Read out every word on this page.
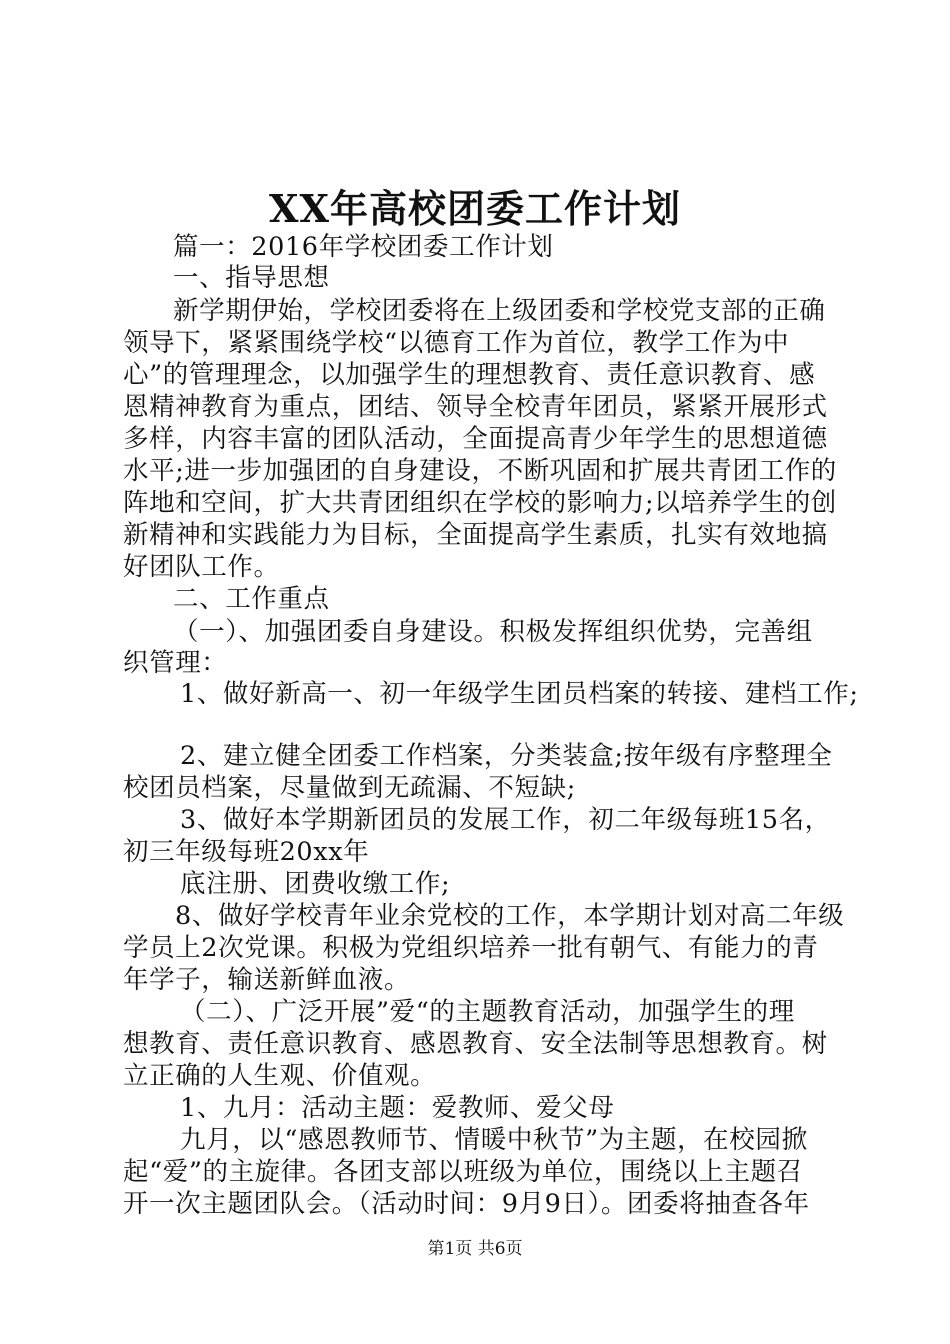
XX年高校团委工作计划
篇一：2016年学校团委工作计划
一、指导思想
新学期伊始，学校团委将在上级团委和学校党支部的正确
领导下，紧紧围绕学校“以德育工作为首位，教学工作为中
心”的管理理念，以加强学生的理想教育、责任意识教育、感
恩精神教育为重点，团结、领导全校青年团员，紧紧开展形式
多样，内容丰富的团队活动，全面提高青少年学生的思想道德
水平;进一步加强团的自身建设，不断巩固和扩展共青团工作的
阵地和空间，扩大共青团组织在学校的影响力;以培养学生的创
新精神和实践能力为目标，全面提高学生素质，扎实有效地搞
好团队工作。
二、工作重点
（一）、加强团委自身建设。积极发挥组织优势，完善组
织管理：
1、做好新高一、初一年级学生团员档案的转接、建档工作;
2、建立健全团委工作档案，分类装盒;按年级有序整理全
校团员档案，尽量做到无疏漏、不短缺;
3、做好本学期新团员的发展工作，初二年级每班15名，
初三年级每班20xx年
底注册、团费收缴工作;
8、做好学校青年业余党校的工作，本学期计划对高二年级
学员上2次党课。积极为党组织培养一批有朝气、有能力的青
年学子，输送新鲜血液。
（二）、广泛开展”爱“的主题教育活动，加强学生的理
想教育、责任意识教育、感恩教育、安全法制等思想教育。树
立正确的人生观、价值观。
1、九月：活动主题：爱教师、爱父母
九月，以“感恩教师节、情暖中秋节”为主题，在校园掀
起“爱”的主旋律。各团支部以班级为单位，围绕以上主题召
开一次主题团队会。（活动时间：9月9日）。团委将抽查各年
第1页 共6页
